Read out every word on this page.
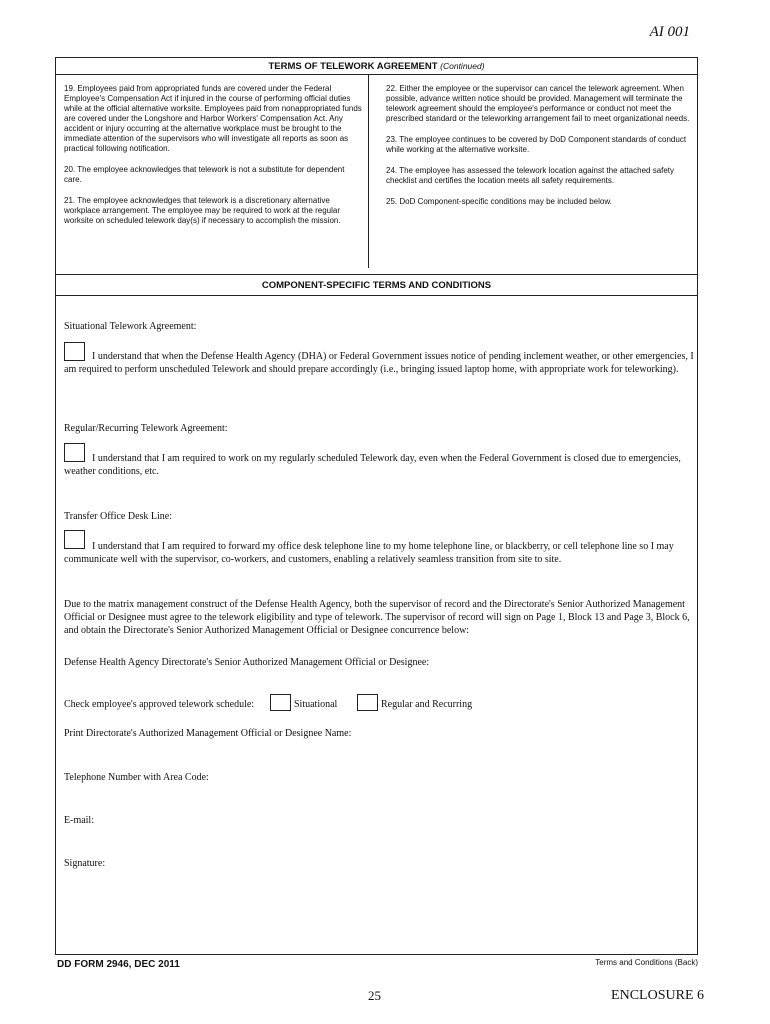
AI 001
TERMS OF TELEWORK AGREEMENT (Continued)

19. Employees paid from appropriated funds are covered under the Federal Employee's Compensation Act if injured in the course of performing official duties while at the official alternative worksite. Employees paid from nonappropriated funds are covered under the Longshore and Harbor Workers' Compensation Act. Any accident or injury occurring at the alternative workplace must be brought to the immediate attention of the supervisors who will investigate all reports as soon as practical following notification.

20. The employee acknowledges that telework is not a substitute for dependent care.

21. The employee acknowledges that telework is a discretionary alternative workplace arrangement. The employee may be required to work at the regular worksite on scheduled telework day(s) if necessary to accomplish the mission.

22. Either the employee or the supervisor can cancel the telework agreement. When possible, advance written notice should be provided. Management will terminate the telework agreement should the employee's performance or conduct not meet the prescribed standard or the teleworking arrangement fail to meet organizational needs.

23. The employee continues to be covered by DoD Component standards of conduct while working at the alternative worksite.

24. The employee has assessed the telework location against the attached safety checklist and certifies the location meets all safety requirements.

25. DoD Component-specific conditions may be included below.

COMPONENT-SPECIFIC TERMS AND CONDITIONS
Situational Telework Agreement:
I understand that when the Defense Health Agency (DHA) or Federal Government issues notice of pending inclement weather, or other emergencies, I am required to perform unscheduled Telework and should prepare accordingly (i.e., bringing issued laptop home, with appropriate work for teleworking).
Regular/Recurring Telework Agreement:
I understand that I am required to work on my regularly scheduled Telework day, even when the Federal Government is closed due to emergencies, weather conditions, etc.
Transfer Office Desk Line:
I understand that I am required to forward my office desk telephone line to my home telephone line, or blackberry, or cell telephone line so I may communicate well with the supervisor, co-workers, and customers, enabling a relatively seamless transition from site to site.
Due to the matrix management construct of the Defense Health Agency, both the supervisor of record and the Directorate's Senior Authorized Management Official or Designee must agree to the telework eligibility and type of telework. The supervisor of record will sign on Page 1, Block 13 and Page 3, Block 6, and obtain the Directorate's Senior Authorized Management Official or Designee concurrence below:
Defense Health Agency Directorate's Senior Authorized Management Official or Designee:
Check employee's approved telework schedule:	Situational	Regular and Recurring
Print Directorate's Authorized Management Official or Designee Name:
Telephone Number with Area Code:
E-mail:
Signature:
DD FORM 2946, DEC 2011	Terms and Conditions (Back)
25	ENCLOSURE 6
